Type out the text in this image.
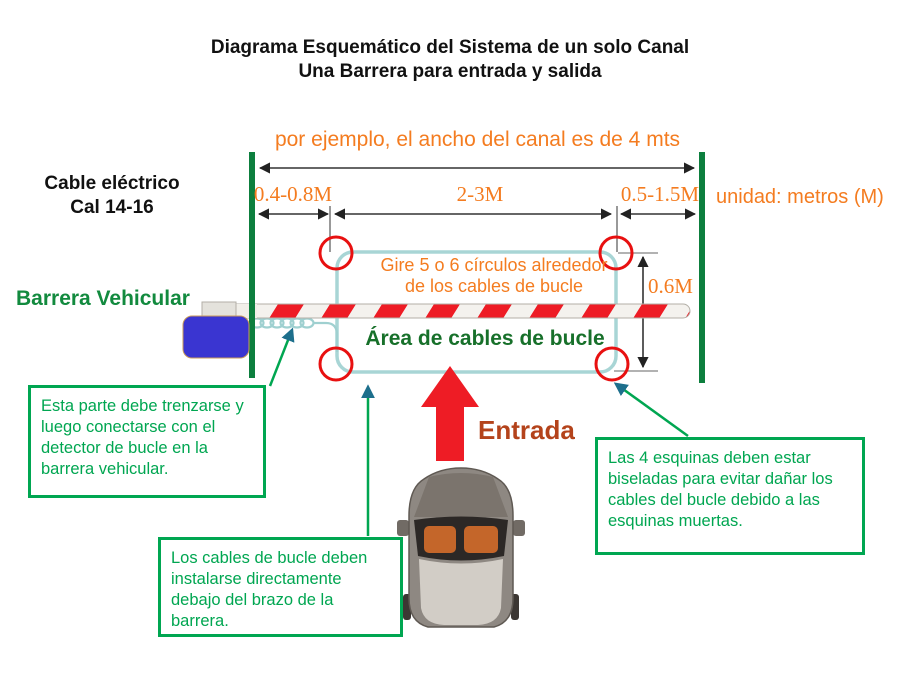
Diagrama Esquemático del Sistema de un solo Canal
Una Barrera para entrada y salida
por ejemplo, el ancho del canal es de 4 mts
unidad: metros (M)
Cable eléctrico
Cal 14-16
Barrera Vehicular
0.4-0.8M	2-3M	0.5-1.5M
0.6M
Gire 5 o 6 círculos alrededor
de los cables de bucle
Área de cables de bucle
Entrada
Esta parte debe trenzarse y luego conectarse con el detector de bucle en la barrera vehicular.
Los cables de bucle deben instalarse directamente debajo del brazo de la barrera.
Las 4 esquinas deben estar biseladas para evitar dañar los cables del bucle debido a las esquinas muertas.
